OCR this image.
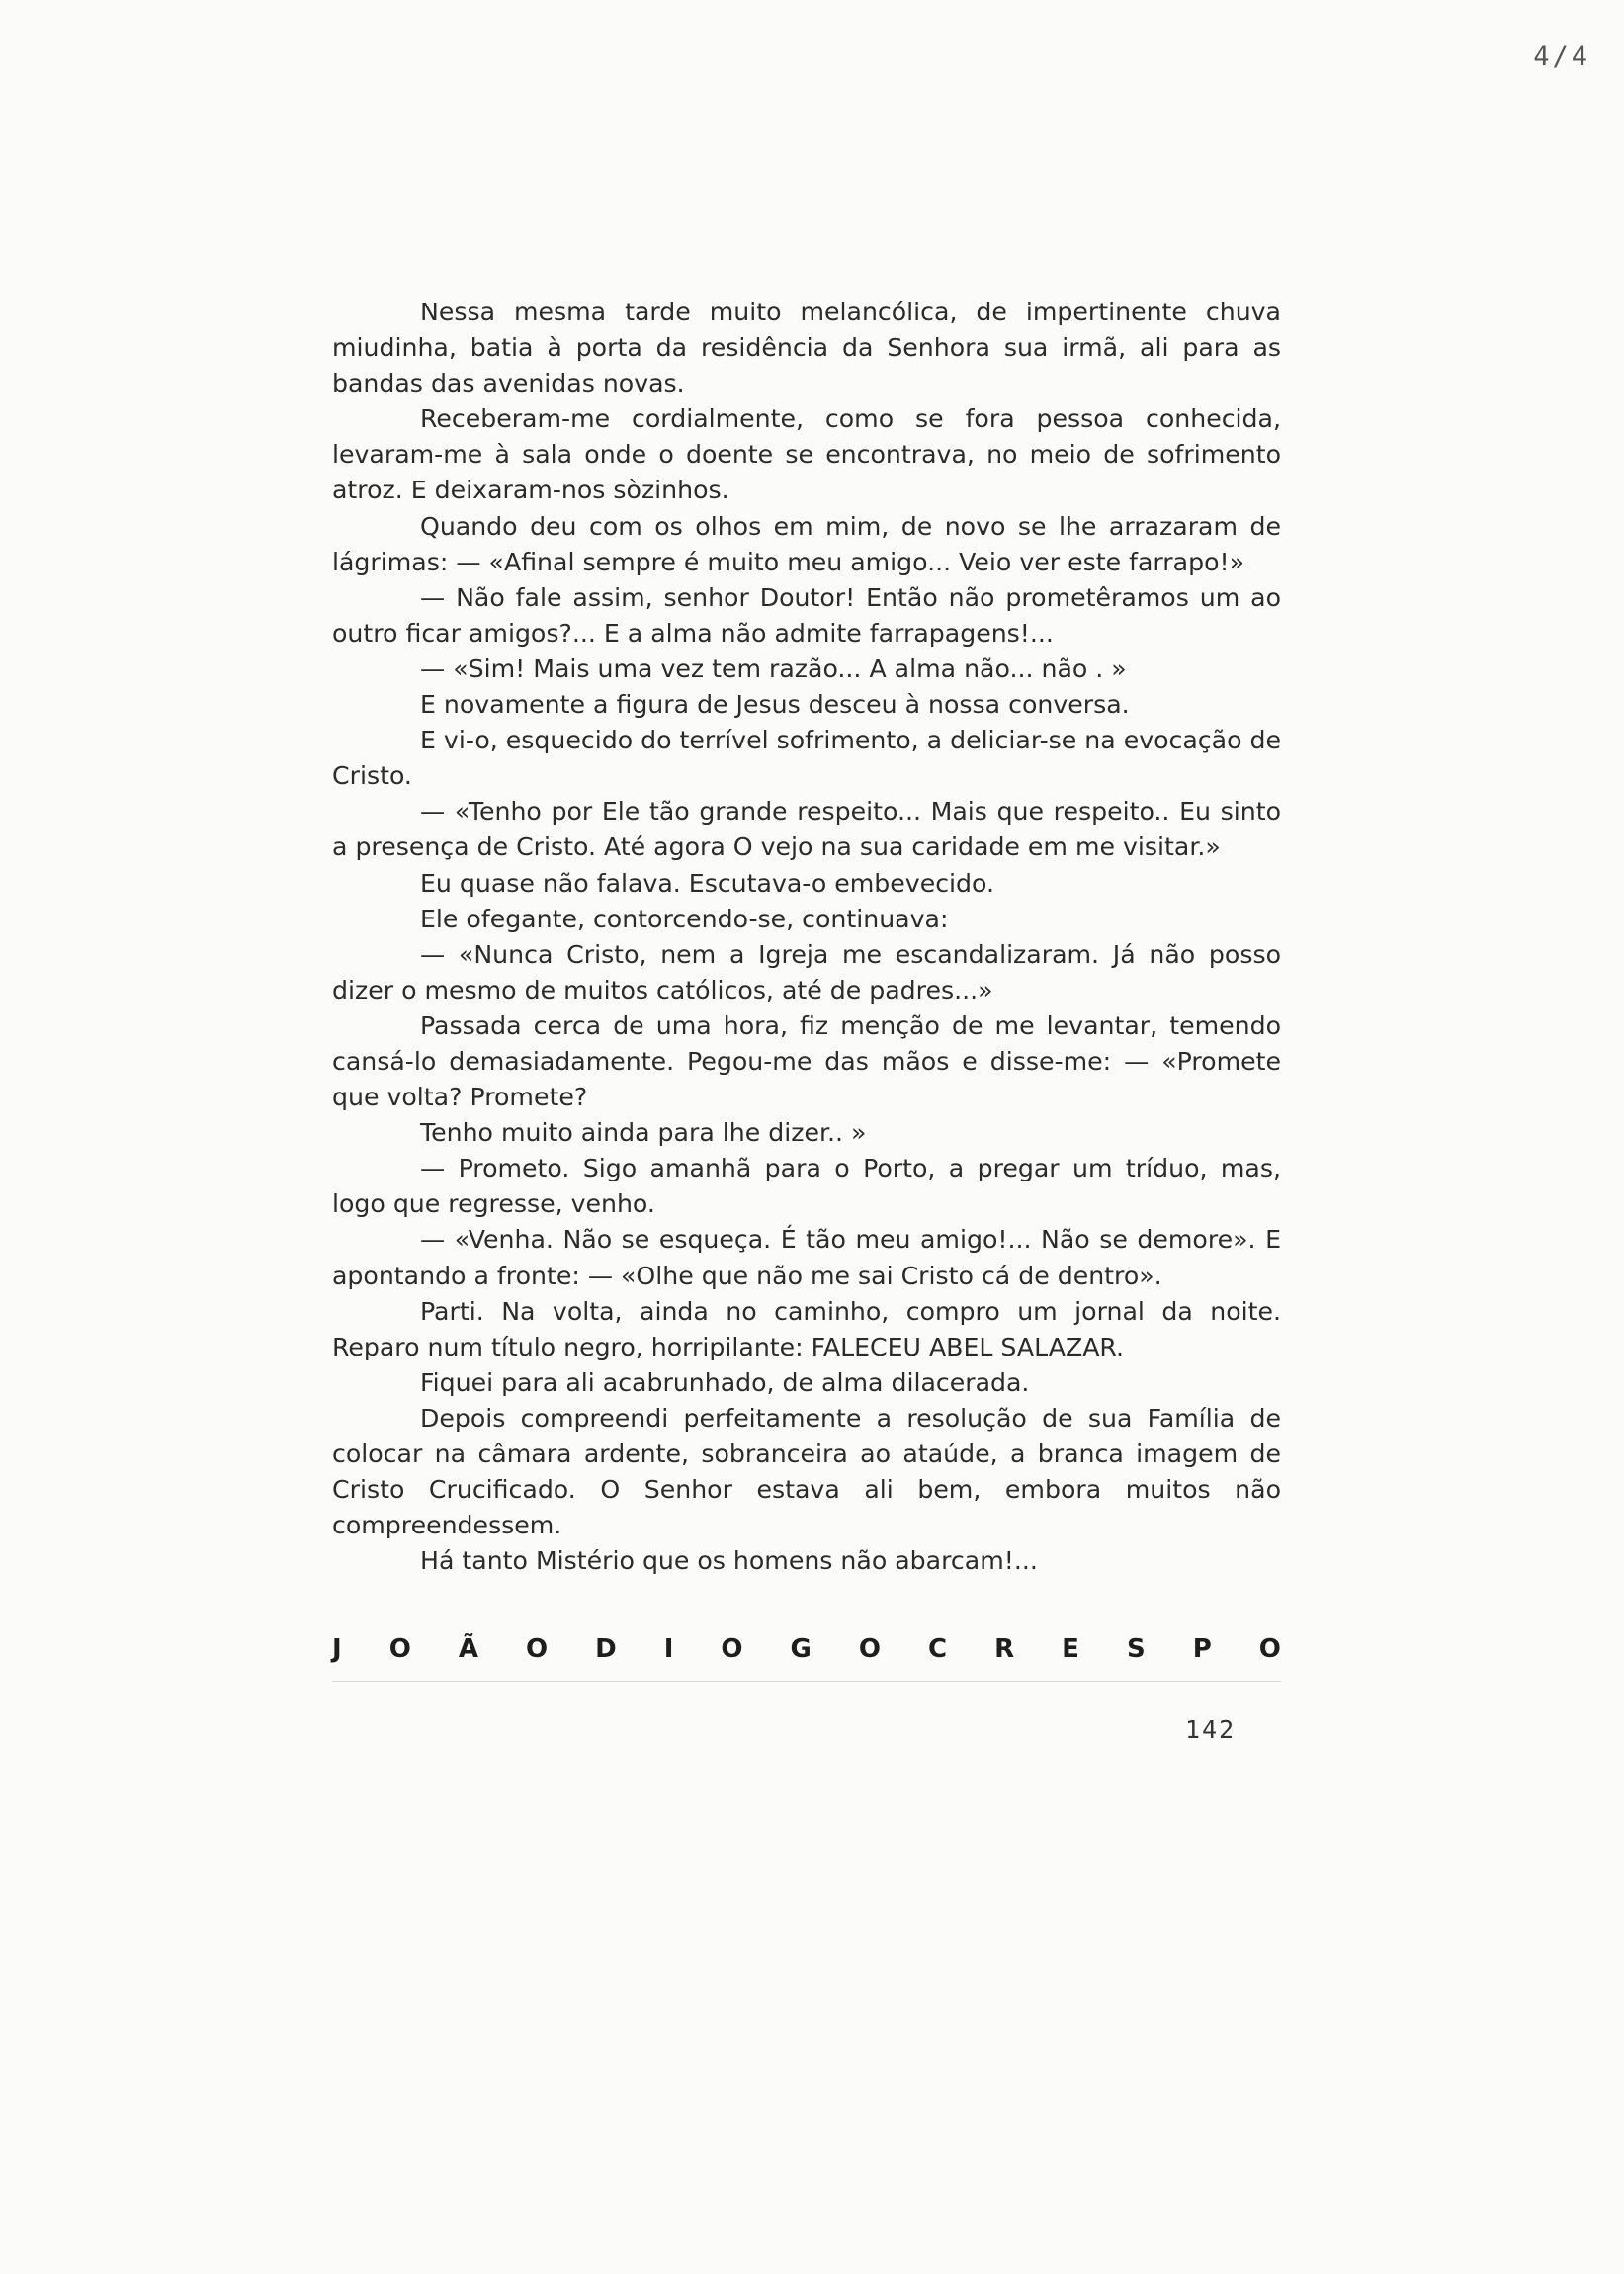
4/4

Nessa mesma tarde muito melancólica, de impertinente chuva miudinha, batia à porta da residência da Senhora sua irmã, ali para as bandas das avenidas novas.

Receberam-me cordialmente, como se fora pessoa conhecida, levaram-me à sala onde o doente se encontrava, no meio de sofrimento atroz. E deixaram-nos sòzinhos.

Quando deu com os olhos em mim, de novo se lhe arrazaram de lágrimas: — «Afinal sempre é muito meu amigo... Veio ver este farrapo!»

— Não fale assim, senhor Doutor! Então não prometêramos um ao outro ficar amigos?... E a alma não admite farrapagens!...

— «Sim! Mais uma vez tem razão... A alma não... não . »

E novamente a figura de Jesus desceu à nossa conversa.

E vi-o, esquecido do terrível sofrimento, a deliciar-se na evocação de Cristo.

— «Tenho por Ele tão grande respeito... Mais que respeito.. Eu sinto a presença de Cristo. Até agora O vejo na sua caridade em me visitar.»

Eu quase não falava. Escutava-o embevecido.

Ele ofegante, contorcendo-se, continuava:

— «Nunca Cristo, nem a Igreja me escandalizaram. Já não posso dizer o mesmo de muitos católicos, até de padres...»

Passada cerca de uma hora, fiz menção de me levantar, temendo cansá-lo demasiadamente. Pegou-me das mãos e disse-me: — «Promete que volta? Promete?

Tenho muito ainda para lhe dizer.. »

— Prometo. Sigo amanhã para o Porto, a pregar um tríduo, mas, logo que regresse, venho.

— «Venha. Não se esqueça. É tão meu amigo!... Não se demore». E apontando a fronte: — «Olhe que não me sai Cristo cá de dentro».

Parti. Na volta, ainda no caminho, compro um jornal da noite. Reparo num título negro, horripilante: FALECEU ABEL SALAZAR.

Fiquei para ali acabrunhado, de alma dilacerada.

Depois compreendi perfeitamente a resolução de sua Família de colocar na câmara ardente, sobranceira ao ataúde, a branca imagem de Cristo Crucificado. O Senhor estava ali bem, embora muitos não compreendessem.

Há tanto Mistério que os homens não abarcam!...

J O Ã O D I O G O C R E S P O
142
